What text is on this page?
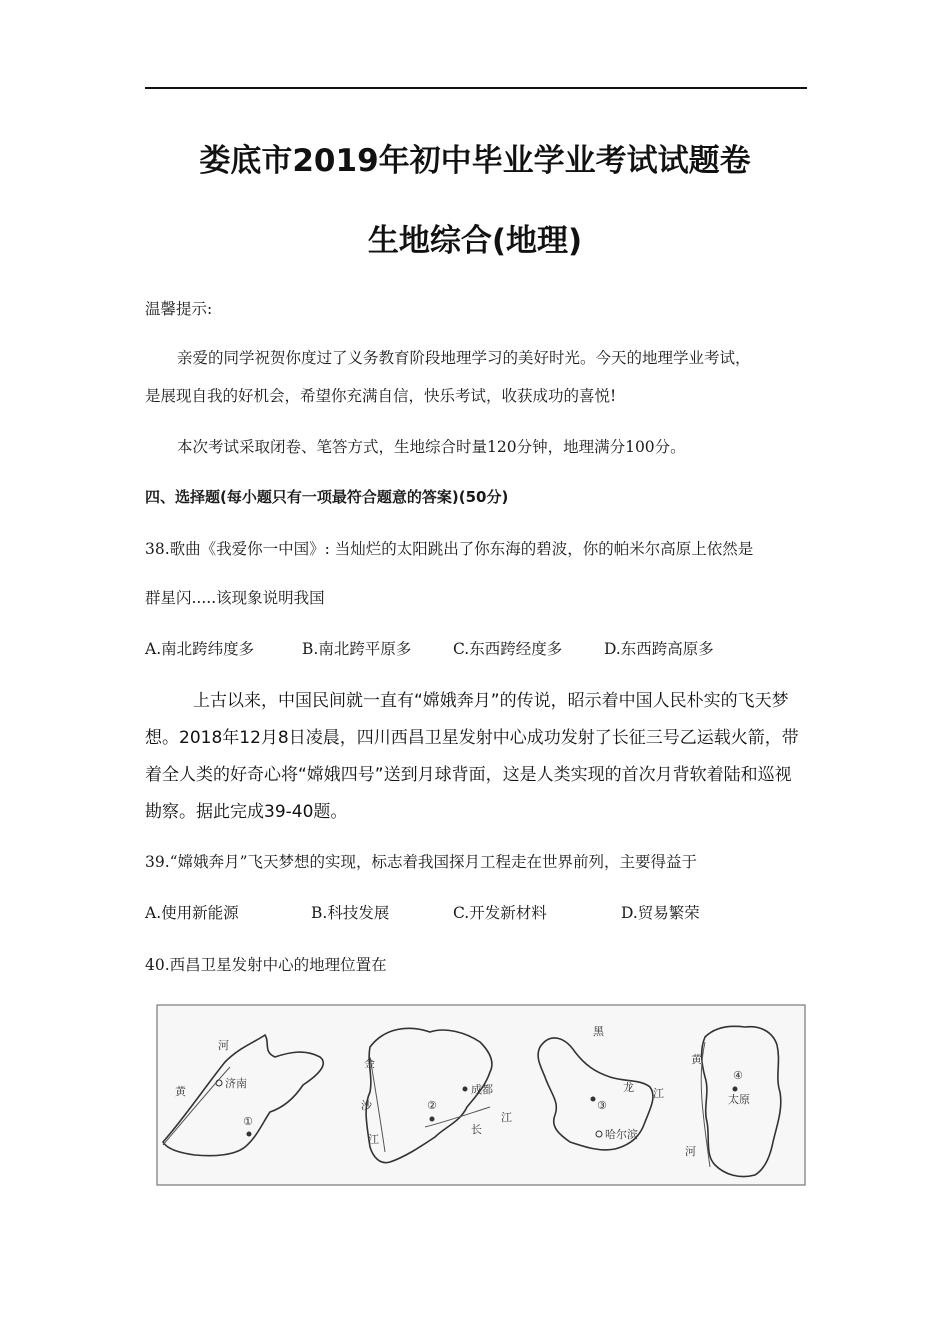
娄底市2019年初中毕业学业考试试题卷
生地综合(地理)
温馨提示:
亲爱的同学祝贺你度过了义务教育阶段地理学习的美好时光。今天的地理学业考试，
是展现自我的好机会，希望你充满自信，快乐考试，收获成功的喜悦!
本次考试采取闭卷、笔答方式，生地综合时量120分钟，地理满分100分。
四、选择题(每小题只有一项最符合题意的答案)(50分)
38.歌曲《我爱你一中国》: 当灿烂的太阳跳出了你东海的碧波，你的帕米尔高原上依然是
群星闪.....该现象说明我国
A.南北跨纬度多	B.南北跨平原多	C.东西跨经度多	D.东西跨高原多
上古以来，中国民间就一直有“嫦娥奔月”的传说，昭示着中国人民朴实的飞天梦
想。2018年12月8日凌晨，四川西昌卫星发射中心成功发射了长征三号乙运载火箭，带
着全人类的好奇心将“嫦娥四号”送到月球背面，这是人类实现的首次月背软着陆和巡视
勘察。据此完成39-40题。
39.“嫦娥奔月”飞天梦想的实现，标志着我国探月工程走在世界前列，主要得益于
A.使用新能源	B.科技发展	C.开发新材料	D.贸易繁荣
40.西昌卫星发射中心的地理位置在
河
黄
济南
①
金
沙
江
成都
②
长
江
黑
龙 江
③
哈尔滨
黄
河
④
太原
